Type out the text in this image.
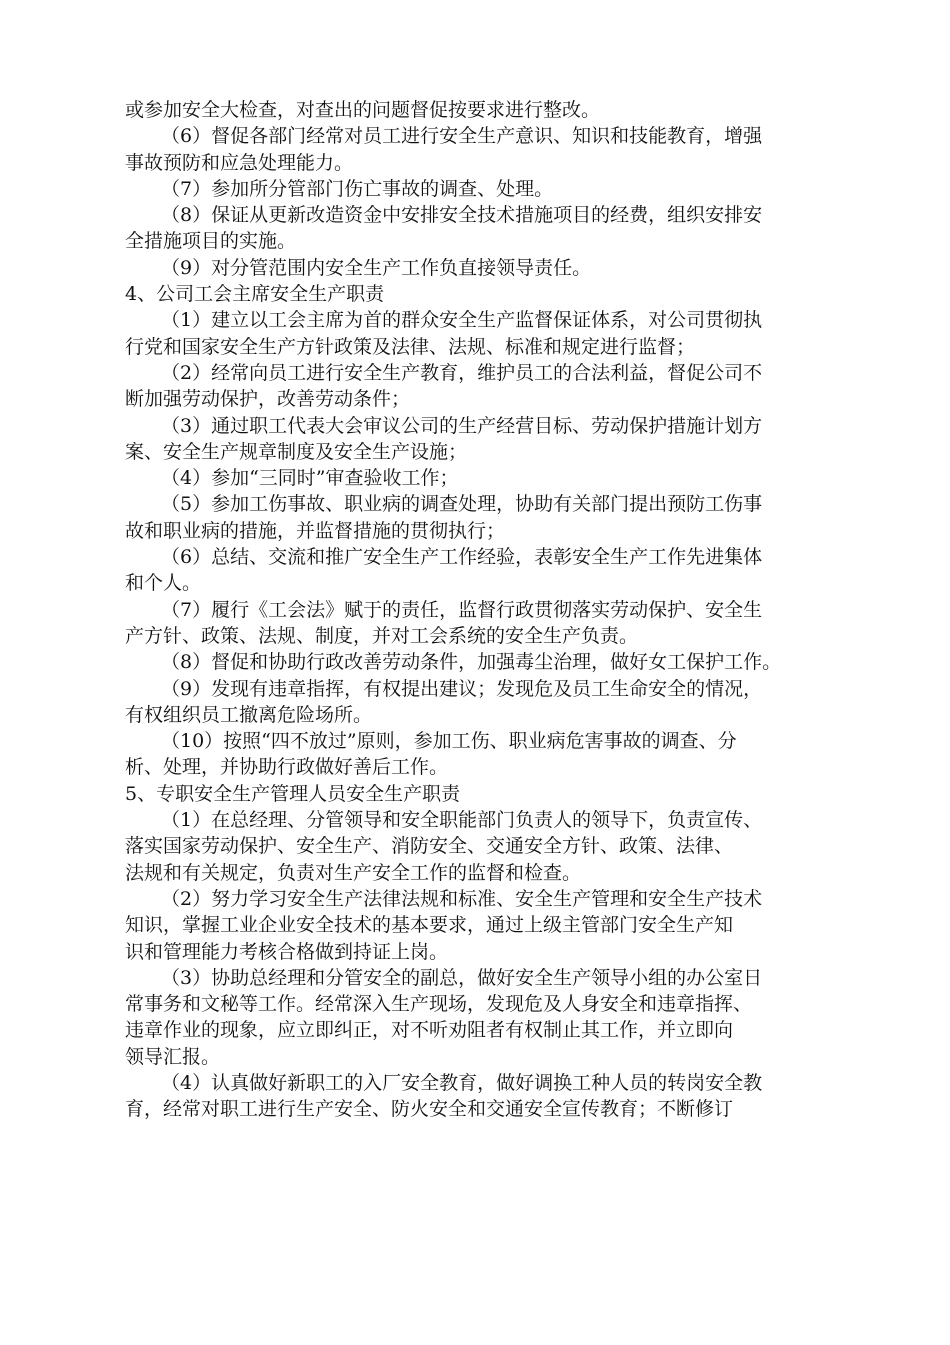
或参加安全大检查，对查出的问题督促按要求进行整改。
（6）督促各部门经常对员工进行安全生产意识、知识和技能教育，增强
事故预防和应急处理能力。
（7）参加所分管部门伤亡事故的调查、处理。
（8）保证从更新改造资金中安排安全技术措施项目的经费，组织安排安
全措施项目的实施。
（9）对分管范围内安全生产工作负直接领导责任。
4、公司工会主席安全生产职责
（1）建立以工会主席为首的群众安全生产监督保证体系，对公司贯彻执
行党和国家安全生产方针政策及法律、法规、标准和规定进行监督；
（2）经常向员工进行安全生产教育，维护员工的合法利益，督促公司不
断加强劳动保护，改善劳动条件；
（3）通过职工代表大会审议公司的生产经营目标、劳动保护措施计划方
案、安全生产规章制度及安全生产设施；
（4）参加“三同时”审查验收工作；
（5）参加工伤事故、职业病的调查处理，协助有关部门提出预防工伤事
故和职业病的措施，并监督措施的贯彻执行；
（6）总结、交流和推广安全生产工作经验，表彰安全生产工作先进集体
和个人。
（7）履行《工会法》赋于的责任，监督行政贯彻落实劳动保护、安全生
产方针、政策、法规、制度，并对工会系统的安全生产负责。
（8）督促和协助行政改善劳动条件，加强毒尘治理，做好女工保护工作。
（9）发现有违章指挥，有权提出建议；发现危及员工生命安全的情况，
有权组织员工撤离危险场所。
（10）按照“四不放过”原则，参加工伤、职业病危害事故的调查、分
析、处理，并协助行政做好善后工作。
5、专职安全生产管理人员安全生产职责
（1）在总经理、分管领导和安全职能部门负责人的领导下，负责宣传、
落实国家劳动保护、安全生产、消防安全、交通安全方针、政策、法律、
法规和有关规定，负责对生产安全工作的监督和检查。
（2）努力学习安全生产法律法规和标准、安全生产管理和安全生产技术
知识，掌握工业企业安全技术的基本要求，通过上级主管部门安全生产知
识和管理能力考核合格做到持证上岗。
（3）协助总经理和分管安全的副总，做好安全生产领导小组的办公室日
常事务和文秘等工作。经常深入生产现场，发现危及人身安全和违章指挥、
违章作业的现象，应立即纠正，对不听劝阻者有权制止其工作，并立即向
领导汇报。
（4）认真做好新职工的入厂安全教育，做好调换工种人员的转岗安全教
育，经常对职工进行生产安全、防火安全和交通安全宣传教育；不断修订
